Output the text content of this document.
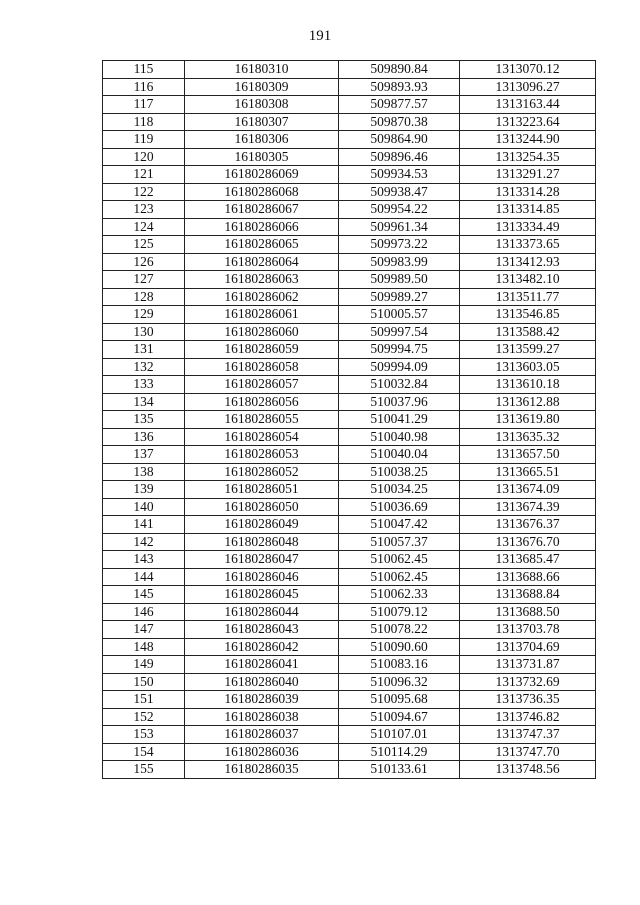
191
115	16180310	509890.84	1313070.12
116	16180309	509893.93	1313096.27
117	16180308	509877.57	1313163.44
118	16180307	509870.38	1313223.64
119	16180306	509864.90	1313244.90
120	16180305	509896.46	1313254.35
121	16180286069	509934.53	1313291.27
122	16180286068	509938.47	1313314.28
123	16180286067	509954.22	1313314.85
124	16180286066	509961.34	1313334.49
125	16180286065	509973.22	1313373.65
126	16180286064	509983.99	1313412.93
127	16180286063	509989.50	1313482.10
128	16180286062	509989.27	1313511.77
129	16180286061	510005.57	1313546.85
130	16180286060	509997.54	1313588.42
131	16180286059	509994.75	1313599.27
132	16180286058	509994.09	1313603.05
133	16180286057	510032.84	1313610.18
134	16180286056	510037.96	1313612.88
135	16180286055	510041.29	1313619.80
136	16180286054	510040.98	1313635.32
137	16180286053	510040.04	1313657.50
138	16180286052	510038.25	1313665.51
139	16180286051	510034.25	1313674.09
140	16180286050	510036.69	1313674.39
141	16180286049	510047.42	1313676.37
142	16180286048	510057.37	1313676.70
143	16180286047	510062.45	1313685.47
144	16180286046	510062.45	1313688.66
145	16180286045	510062.33	1313688.84
146	16180286044	510079.12	1313688.50
147	16180286043	510078.22	1313703.78
148	16180286042	510090.60	1313704.69
149	16180286041	510083.16	1313731.87
150	16180286040	510096.32	1313732.69
151	16180286039	510095.68	1313736.35
152	16180286038	510094.67	1313746.82
153	16180286037	510107.01	1313747.37
154	16180286036	510114.29	1313747.70
155	16180286035	510133.61	1313748.56
